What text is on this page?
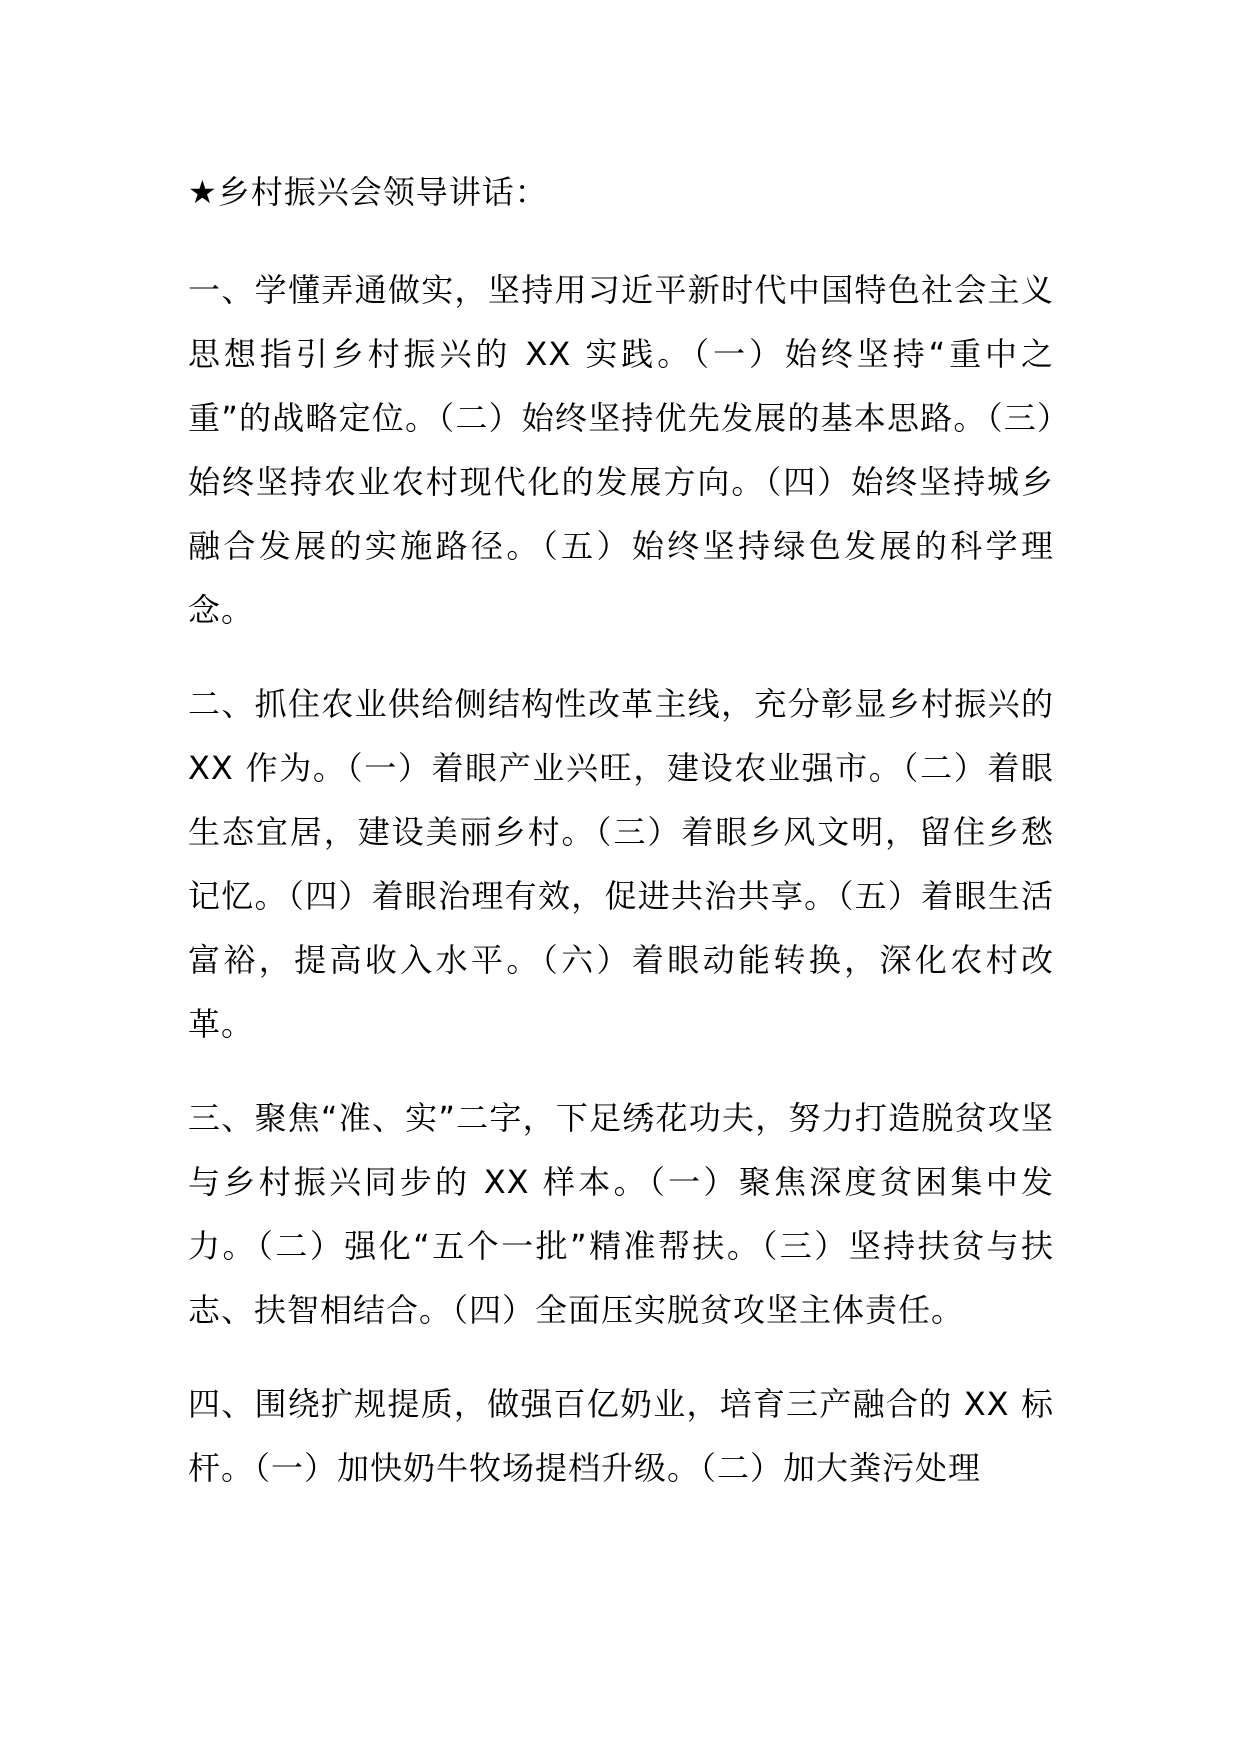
★乡村振兴会领导讲话：
一、学懂弄通做实，坚持用习近平新时代中国特色社会主义思想指引乡村振兴的 XX 实践。（一）始终坚持“重中之重”的战略定位。（二）始终坚持优先发展的基本思路。（三）始终坚持农业农村现代化的发展方向。（四）始终坚持城乡融合发展的实施路径。（五）始终坚持绿色发展的科学理念。
二、抓住农业供给侧结构性改革主线，充分彰显乡村振兴的 XX 作为。（一）着眼产业兴旺，建设农业强市。（二）着眼生态宜居，建设美丽乡村。（三）着眼乡风文明，留住乡愁记忆。（四）着眼治理有效，促进共治共享。（五）着眼生活富裕，提高收入水平。（六）着眼动能转换，深化农村改革。
三、聚焦“准、实”二字，下足绣花功夫，努力打造脱贫攻坚与乡村振兴同步的 XX 样本。（一）聚焦深度贫困集中发力。（二）强化“五个一批”精准帮扶。（三）坚持扶贫与扶志、扶智相结合。（四）全面压实脱贫攻坚主体责任。
四、围绕扩规提质，做强百亿奶业，培育三产融合的 XX 标杆。（一）加快奶牛牧场提档升级。（二）加大粪污处理
